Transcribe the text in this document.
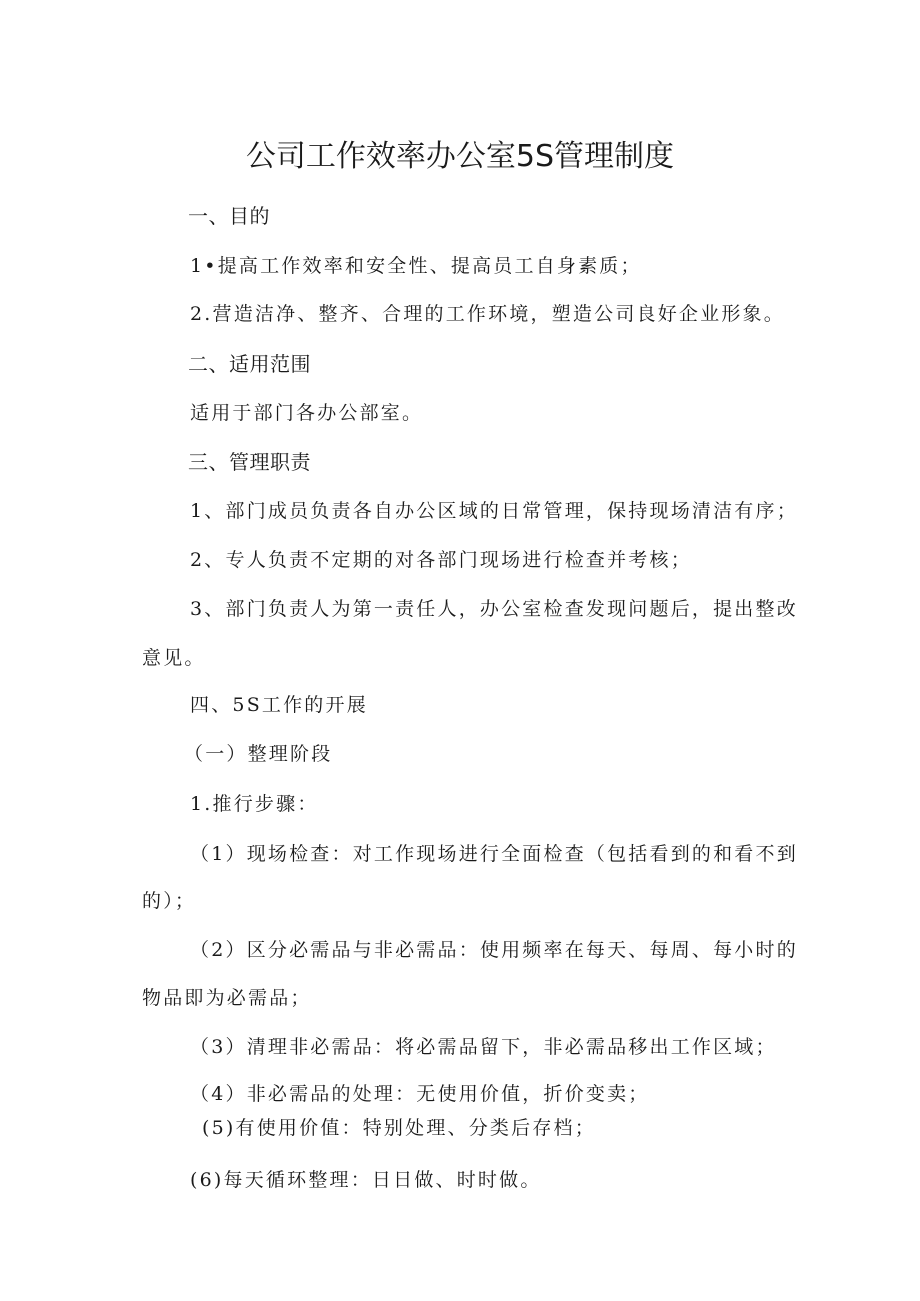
公司工作效率办公室5S管理制度

一、目的

1•提高工作效率和安全性、提高员工自身素质；

2.营造洁净、整齐、合理的工作环境，塑造公司良好企业形象。

二、适用范围

适用于部门各办公部室。

三、管理职责

1、部门成员负责各自办公区域的日常管理，保持现场清洁有序；

2、专人负责不定期的对各部门现场进行检查并考核；

3、部门负责人为第一责任人，办公室检查发现问题后，提出整改

意见。

四、5S工作的开展

（一）整理阶段

1.推行步骤：

（1）现场检查：对工作现场进行全面检查（包括看到的和看不到

的）；

（2）区分必需品与非必需品：使用频率在每天、每周、每小时的

物品即为必需品；

（3）清理非必需品：将必需品留下，非必需品移出工作区域；

（4）非必需品的处理：无使用价值，折价变卖；

(5)有使用价值：特别处理、分类后存档；

(6)每天循环整理：日日做、时时做。
